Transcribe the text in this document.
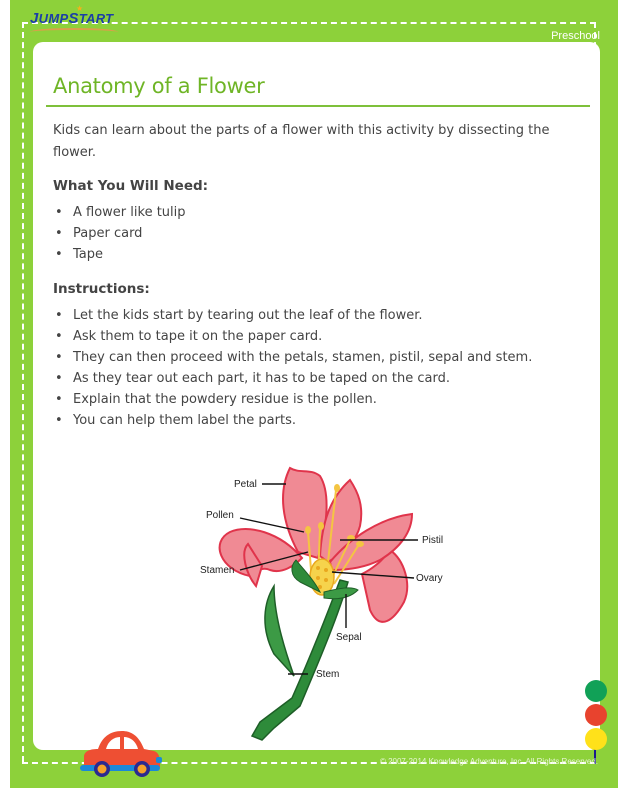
JUMPSTART
★
Preschool
Anatomy of a Flower

Kids can learn about the parts of a flower with this activity by dissecting the flower.

What You Will Need:
• A flower like tulip
• Paper card
• Tape
Instructions:
• Let the kids start by tearing out the leaf of the flower.
• Ask them to tape it on the paper card.
• They can then proceed with the petals, stamen, pistil, sepal and stem.
• As they tear out each part, it has to be taped on the card.
• Explain that the powdery residue is the pollen.
• You can help them label the parts.
Petal
Pollen
Stamen
Pistil
Ovary
Sepal
Stem
© 2007-2014 Knowledge Adventure, Inc. All Rights Reserved.
